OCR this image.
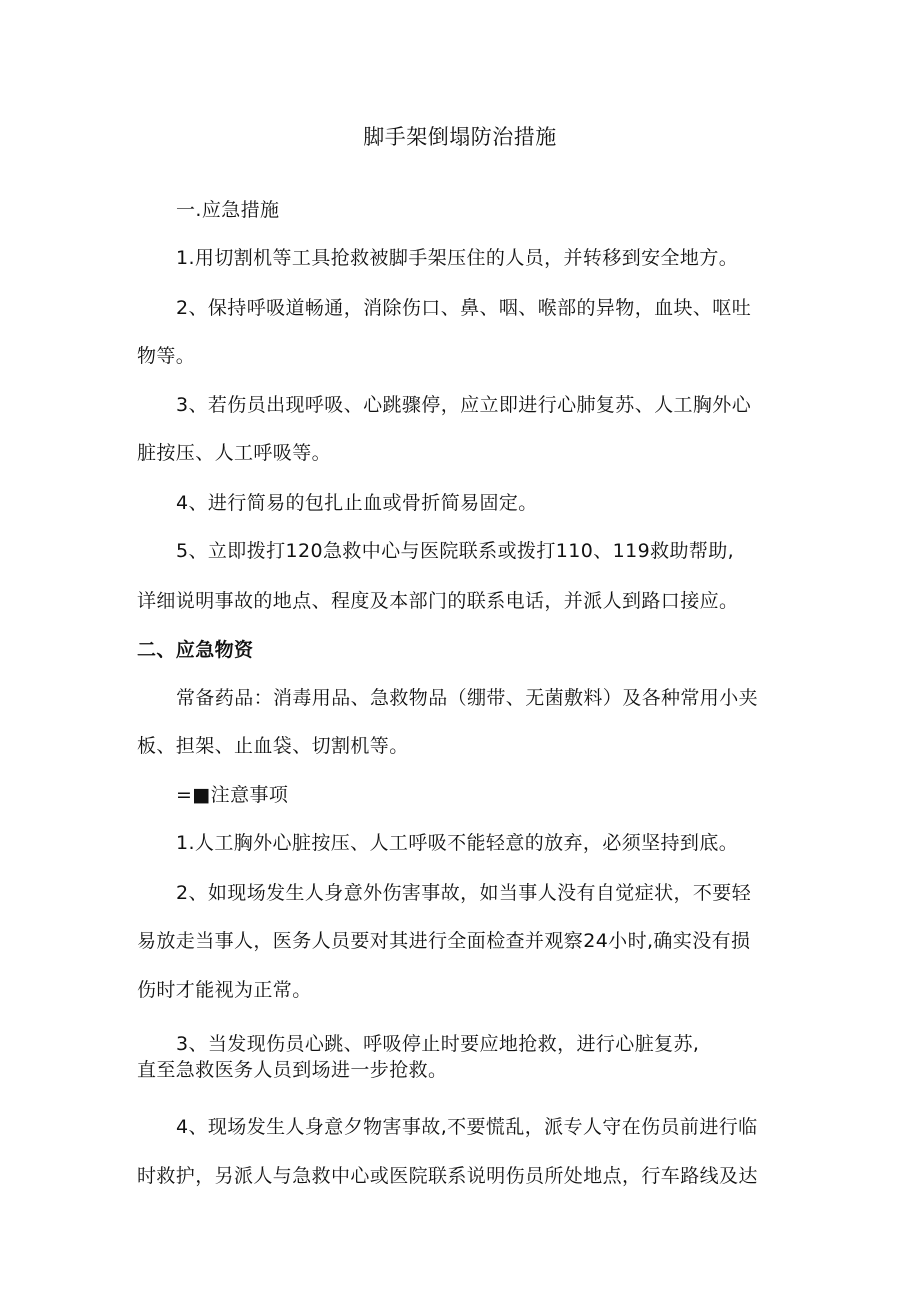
脚手架倒塌防治措施
一.应急措施
1.用切割机等工具抢救被脚手架压住的人员，并转移到安全地方。
2、保持呼吸道畅通，消除伤口、鼻、咽、喉部的异物，血块、呕吐
物等。
3、若伤员出现呼吸、心跳骤停，应立即进行心肺复苏、人工胸外心
脏按压、人工呼吸等。
4、进行简易的包扎止血或骨折简易固定。
5、立即拨打120急救中心与医院联系或拨打110、119救助帮助,
详细说明事故的地点、程度及本部门的联系电话，并派人到路口接应。
二、应急物资
常备药品：消毒用品、急救物品（绷带、无菌敷料）及各种常用小夹
板、担架、止血袋、切割机等。
=■注意事项
1.人工胸外心脏按压、人工呼吸不能轻意的放弃，必须坚持到底。
2、如现场发生人身意外伤害事故，如当事人没有自觉症状，不要轻
易放走当事人，医务人员要对其进行全面检查并观察24小时,确实没有损
伤时才能视为正常。
3、当发现伤员心跳、呼吸停止时要应地抢救，进行心脏复苏,
直至急救医务人员到场进一步抢救。
4、现场发生人身意夕物害事故,不要慌乱，派专人守在伤员前进行临
时救护，另派人与急救中心或医院联系说明伤员所处地点，行车路线及达
